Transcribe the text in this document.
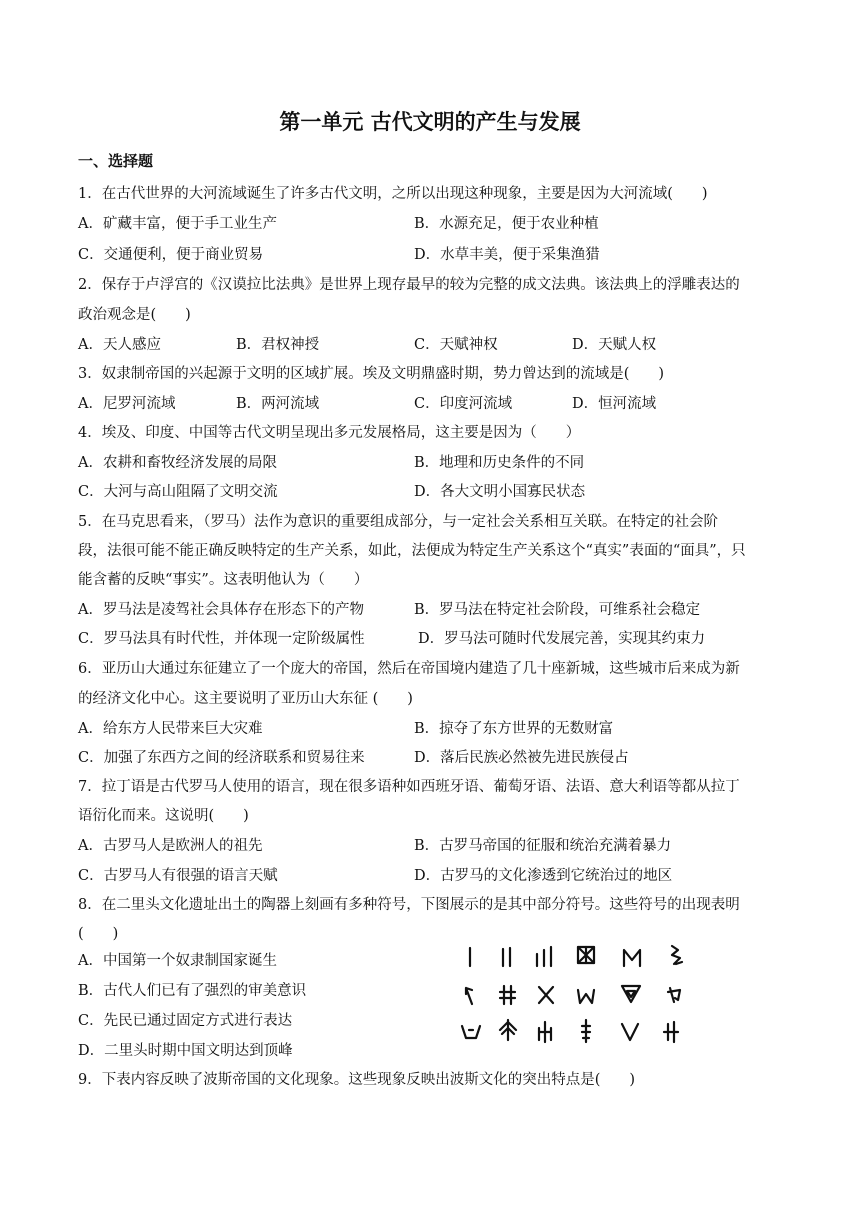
第一单元 古代文明的产生与发展
一、选择题
1．在古代世界的大河流域诞生了许多古代文明，之所以出现这种现象，主要是因为大河流域(　　)
A．矿藏丰富，便于手工业生产	B．水源充足，便于农业种植
C．交通便利，便于商业贸易	D．水草丰美，便于采集渔猎
2．保存于卢浮宫的《汉谟拉比法典》是世界上现存最早的较为完整的成文法典。该法典上的浮雕表达的
政治观念是(　　)
A．天人感应	B．君权神授	C．天赋神权	D．天赋人权
3．奴隶制帝国的兴起源于文明的区域扩展。埃及文明鼎盛时期，势力曾达到的流域是(　　)
A．尼罗河流域	B．两河流域	C．印度河流域	D．恒河流域
4．埃及、印度、中国等古代文明呈现出多元发展格局，这主要是因为（　　）
A．农耕和畜牧经济发展的局限	B．地理和历史条件的不同
C．大河与高山阻隔了文明交流	D．各大文明小国寡民状态
5．在马克思看来，（罗马）法作为意识的重要组成部分，与一定社会关系相互关联。在特定的社会阶
段，法很可能不能正确反映特定的生产关系，如此，法便成为特定生产关系这个“真实”表面的“面具”，只
能含蓄的反映“事实”。这表明他认为（　　）
A．罗马法是凌驾社会具体存在形态下的产物	B．罗马法在特定社会阶段，可维系社会稳定
C．罗马法具有时代性，并体现一定阶级属性	D．罗马法可随时代发展完善，实现其约束力
6．亚历山大通过东征建立了一个庞大的帝国，然后在帝国境内建造了几十座新城，这些城市后来成为新
的经济文化中心。这主要说明了亚历山大东征 (　　)
A．给东方人民带来巨大灾难	B．掠夺了东方世界的无数财富
C．加强了东西方之间的经济联系和贸易往来	D．落后民族必然被先进民族侵占
7．拉丁语是古代罗马人使用的语言，现在很多语种如西班牙语、葡萄牙语、法语、意大利语等都从拉丁
语衍化而来。这说明(　　)
A．古罗马人是欧洲人的祖先	B．古罗马帝国的征服和统治充满着暴力
C．古罗马人有很强的语言天赋	D．古罗马的文化渗透到它统治过的地区
8．在二里头文化遗址出土的陶器上刻画有多种符号，下图展示的是其中部分符号。这些符号的出现表明
(　　)
A．中国第一个奴隶制国家诞生
B．古代人们已有了强烈的审美意识
C．先民已通过固定方式进行表达
D．二里头时期中国文明达到顶峰
9．下表内容反映了波斯帝国的文化现象。这些现象反映出波斯文化的突出特点是(　　)
